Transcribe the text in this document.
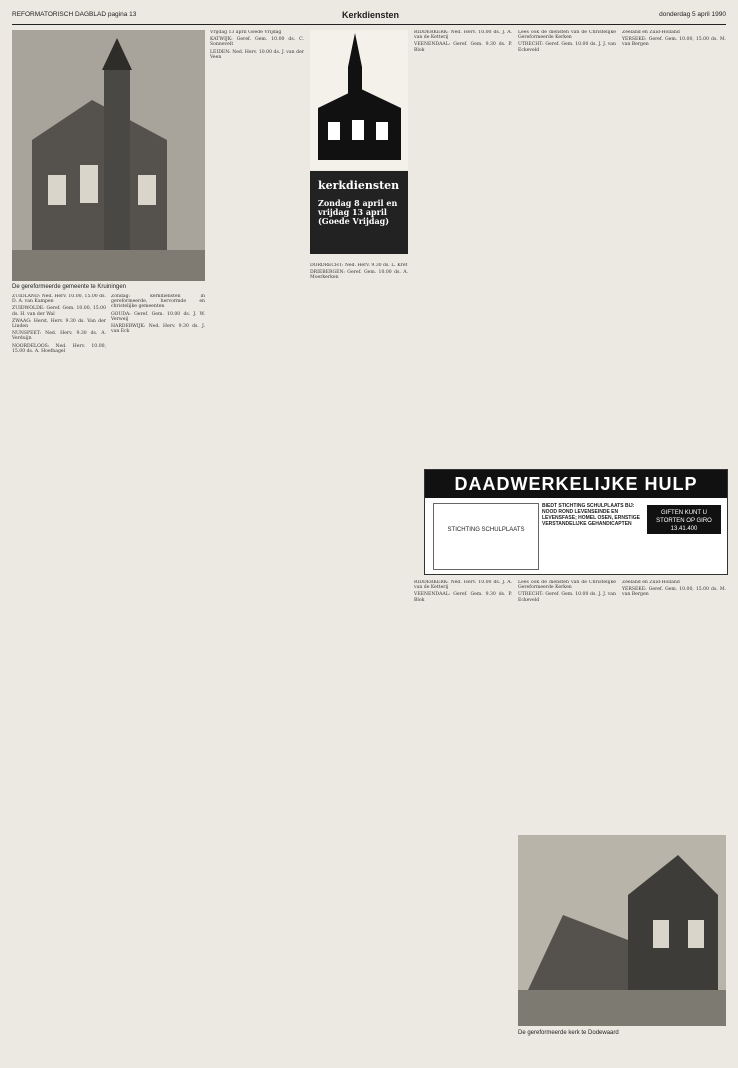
REFORMATORISCH DAGBLAD pagina 13	Kerkdiensten	donderdag 5 april 1990
De gereformeerde gemeente te Kruiningen
kerkdiensten
Zondag 8 april en vrijdag 13 april (Goede Vrijdag)
ZUIDLAND: Ned. Herv. 10.00, 15.00 ds. D. A. van Kampen
ZUIDWOLDE: Geref. Gem. 10.00, 15.00 ds. H. van der Wal
ZWAAG: Herst. Herv. 9.30 ds. Van der Linden
NUNSPEET: Ned. Herv. 9.30 ds. A. Verduijn
NOORDELOOS: Ned. Herv. 10.00, 15.00 ds. A. Hoefnagel
Zondag: kerkdiensten in gereformeerde, hervormde en christelijke gemeenten
GOUDA: Geref. Gem. 10.00 ds. J. W. Verweij
HARDERWIJK: Ned. Herv. 9.30 ds. J. van Eck
Vrijdag 13 april Goede Vrijdag
KATWIJK: Geref. Gem. 10.00 ds. C. Sonnevelt
LEIDEN: Ned. Herv. 10.00 ds. J. van der Veen
DORDRECHT: Ned. Herv. 9.30 ds. L. Kret
DRIEBERGEN: Geref. Gem. 10.00 ds. A. Moerkerken
RIDDERKERK: Ned. Herv. 10.00 ds. J. A. van de Ketterij
VEENENDAAL: Geref. Gem. 9.30 ds. P. Blok
Lees ook de diensten van de Christelijke Gereformeerde Kerken
UTRECHT: Geref. Gem. 10.00 ds. J. J. van Eckeveld
Zeeland en Zuid-Holland
YERSEKE: Geref. Gem. 10.00, 15.00 ds. M. van Bergen
DAADWERKELIJKE HULP
STICHTING SCHULPLAATS
BIEDT STICHTING SCHULPLAATS BIJ: NOOD ROND LEVENSEINDE EN LEVENSFASE; HOMEL OSEN, ERNSTIGE VERSTANDELIJKE GEHANDICAPTEN
GIFTEN KUNT U STORTEN OP GIRO 13.41.400
RIDDERKERK: Ned. Herv. 10.00 ds. J. A. van de Ketterij
VEENENDAAL: Geref. Gem. 9.30 ds. P. Blok
Lees ook de diensten van de Christelijke Gereformeerde Kerken
UTRECHT: Geref. Gem. 10.00 ds. J. J. van Eckeveld
Zeeland en Zuid-Holland
YERSEKE: Geref. Gem. 10.00, 15.00 ds. M. van Bergen
De gereformeerde kerk te Dodewaard
